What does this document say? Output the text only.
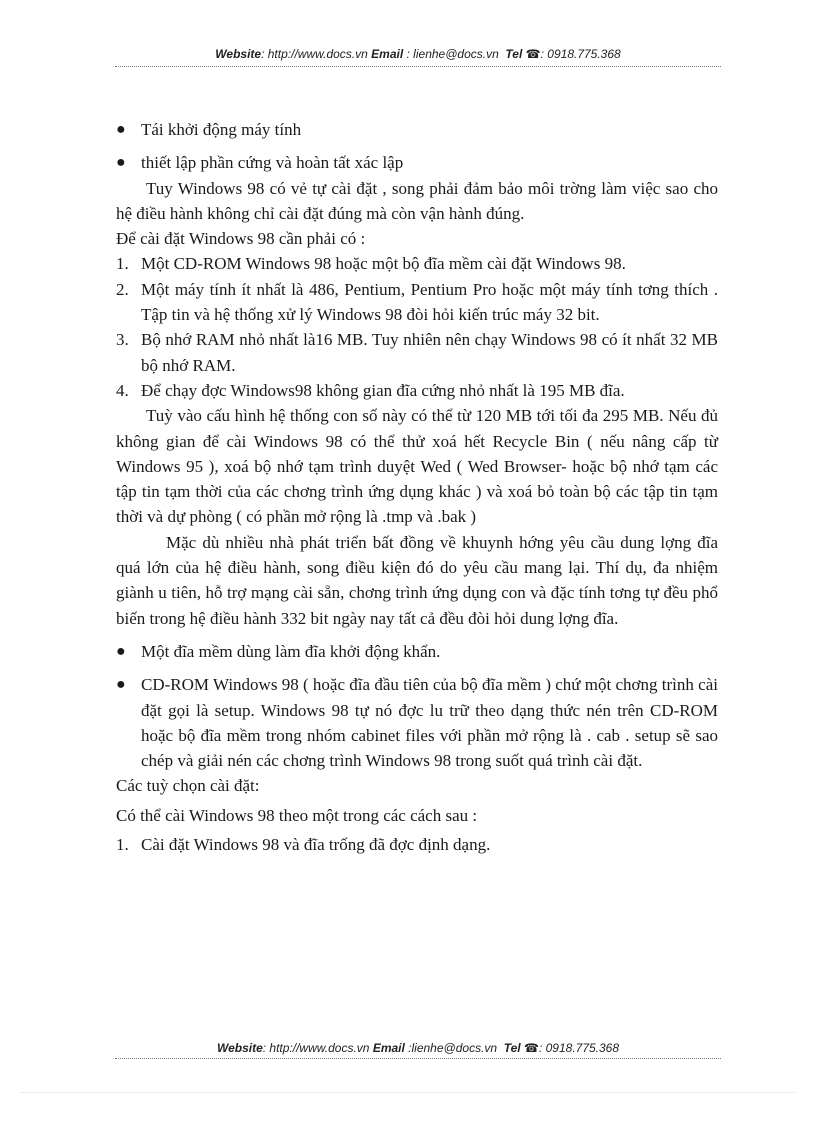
Website: http://www.docs.vn Email : lienhe@docs.vn Tel ☎: 0918.775.368

● Tái khởi động máy tính

● thiết lập phần cứng và hoàn tất xác lập

Tuy Windows 98 có vẻ tự cài đặt , song phải đảm bảo môi trờng làm việc sao cho hệ điều hành không chỉ cài đặt đúng mà còn vận hành đúng.

Để cài đặt Windows 98 cần phải có :

1. Một CD-ROM Windows 98 hoặc một bộ đĩa mềm cài đặt Windows 98.

2. Một máy tính ít nhất là 486, Pentium, Pentium Pro hoặc một máy tính tơng thích . Tập tin và hệ thống xử lý Windows 98 đòi hỏi kiến trúc máy 32 bit.

3. Bộ nhớ RAM nhỏ nhất là16 MB. Tuy nhiên nên chạy Windows 98 có ít nhất 32 MB bộ nhớ RAM.

4. Để chạy đợc Windows98 không gian đĩa cứng nhỏ nhất là 195 MB đĩa.

Tuỳ vào cấu hình hệ thống con số này có thể từ 120 MB tới tối đa 295 MB. Nếu đủ không gian để cài Windows 98 có thể thử xoá hết Recycle Bin ( nếu nâng cấp từ Windows 95 ), xoá bộ nhớ tạm trình duyệt Wed ( Wed Browser- hoặc bộ nhớ tạm các tập tin tạm thời của các chơng trình ứng dụng khác ) và xoá bỏ toàn bộ các tập tin tạm thời và dự phòng ( có phần mở rộng là .tmp và .bak )

Mặc dù nhiều nhà phát triển bất đồng về khuynh hớng yêu cầu dung lợng đĩa quá lớn của hệ điều hành, song điều kiện đó do yêu cầu mang lại. Thí dụ, đa nhiệm giành u tiên, hỗ trợ mạng cài sẵn, chơng trình ứng dụng con và đặc tính tơng tự đều phổ biến trong hệ điều hành 332 bit ngày nay tất cả đều đòi hỏi dung lợng đĩa.

● Một đĩa mềm dùng làm đĩa khởi động khẩn.

● CD-ROM Windows 98 ( hoặc đĩa đầu tiên của bộ đĩa mềm ) chứ một chơng trình cài đặt gọi là setup. Windows 98 tự nó đợc lu trữ theo dạng thức nén trên CD-ROM hoặc bộ đĩa mềm trong nhóm cabinet files với phần mở rộng là . cab . setup sẽ sao chép và giải nén các chơng trình Windows 98 trong suốt quá trình cài đặt.

Các tuỳ chọn cài đặt:

Có thể cài Windows 98 theo một trong các cách sau :

1. Cài đặt Windows 98 và đĩa trống đã đợc định dạng.

Website: http://www.docs.vn Email :lienhe@docs.vn Tel ☎: 0918.775.368
